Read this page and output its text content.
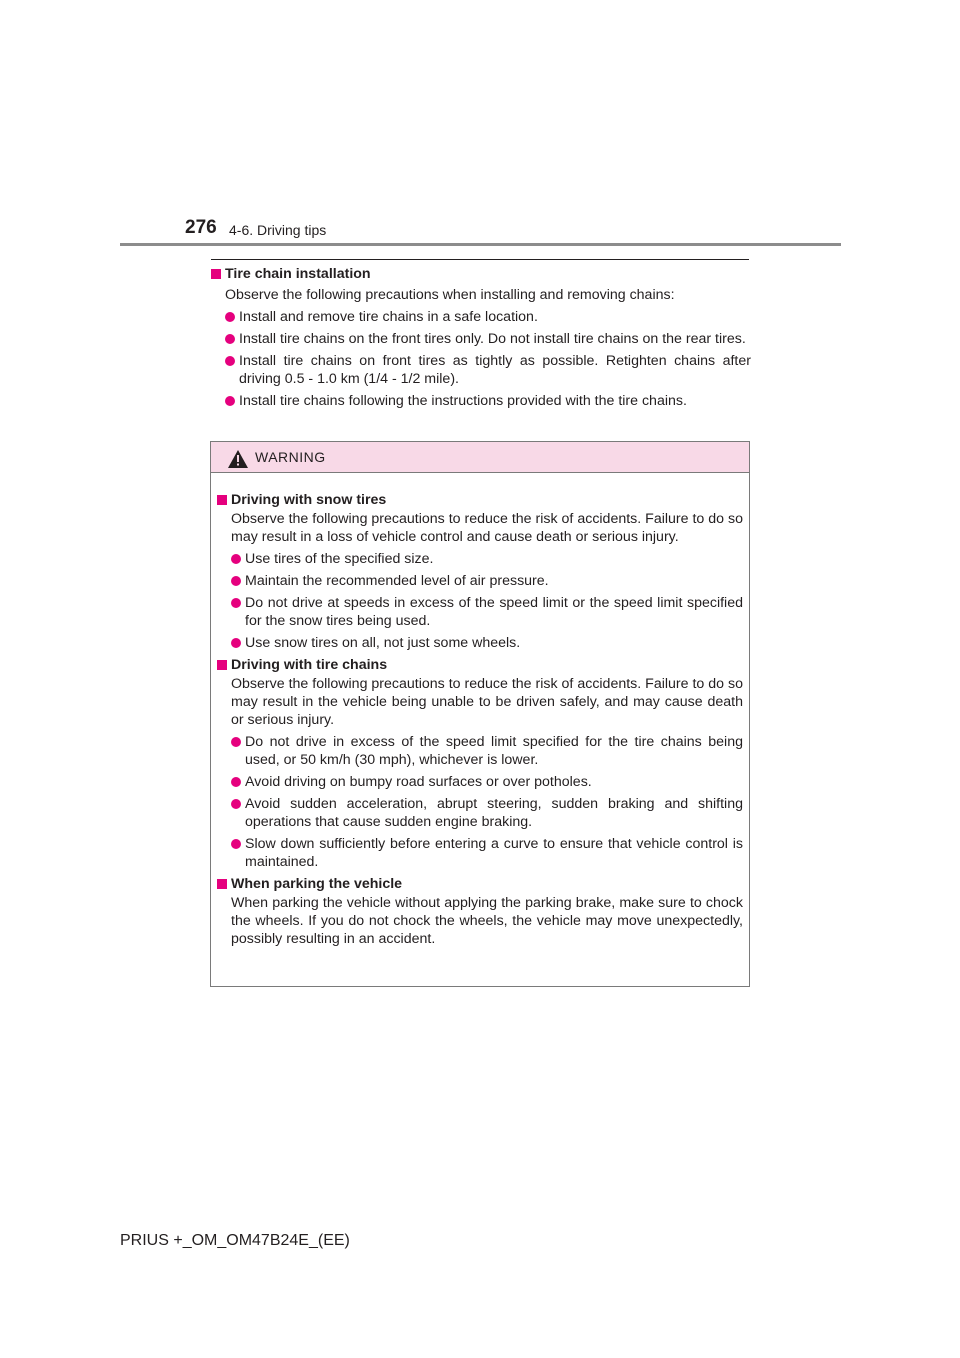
276 4-6. Driving tips
Tire chain installation
Observe the following precautions when installing and removing chains:
Install and remove tire chains in a safe location.
Install tire chains on the front tires only. Do not install tire chains on the rear tires.
Install tire chains on front tires as tightly as possible. Retighten chains after driving 0.5 - 1.0 km (1/4 - 1/2 mile).
Install tire chains following the instructions provided with the tire chains.
WARNING
Driving with snow tires
Observe the following precautions to reduce the risk of accidents. Failure to do so may result in a loss of vehicle control and cause death or serious injury.
Use tires of the specified size.
Maintain the recommended level of air pressure.
Do not drive at speeds in excess of the speed limit or the speed limit specified for the snow tires being used.
Use snow tires on all, not just some wheels.
Driving with tire chains
Observe the following precautions to reduce the risk of accidents. Failure to do so may result in the vehicle being unable to be driven safely, and may cause death or serious injury.
Do not drive in excess of the speed limit specified for the tire chains being used, or 50 km/h (30 mph), whichever is lower.
Avoid driving on bumpy road surfaces or over potholes.
Avoid sudden acceleration, abrupt steering, sudden braking and shifting operations that cause sudden engine braking.
Slow down sufficiently before entering a curve to ensure that vehicle control is maintained.
When parking the vehicle
When parking the vehicle without applying the parking brake, make sure to chock the wheels. If you do not chock the wheels, the vehicle may move unexpectedly, possibly resulting in an accident.
PRIUS +_OM_OM47B24E_(EE)
